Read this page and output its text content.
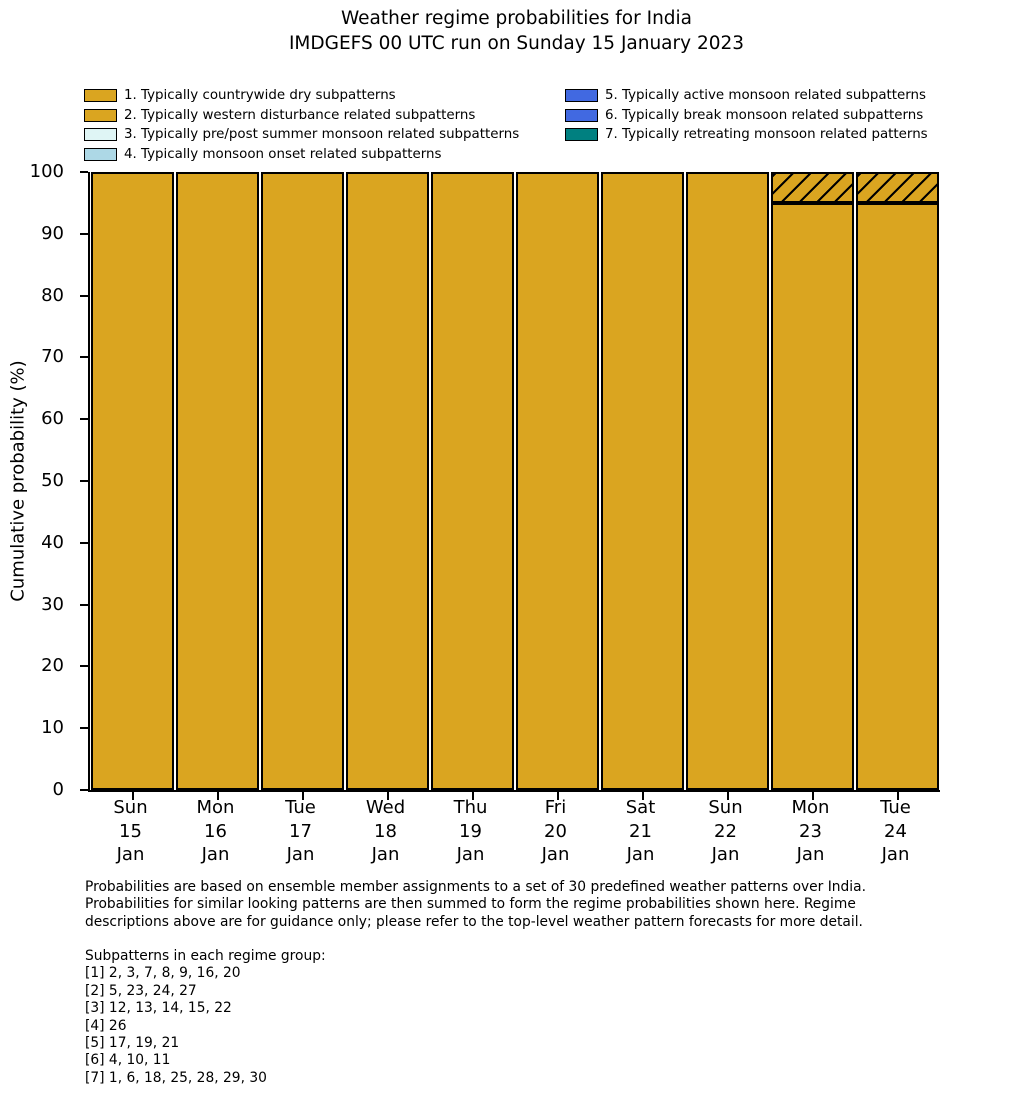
Weather regime probabilities for India
IMDGEFS 00 UTC run on Sunday 15 January 2023
1. Typically countrywide dry subpatterns
2. Typically western disturbance related subpatterns
3. Typically pre/post summer monsoon related subpatterns
4. Typically monsoon onset related subpatterns
5. Typically active monsoon related subpatterns
6. Typically break monsoon related subpatterns
7. Typically retreating monsoon related patterns
Cumulative probability (%)
0
10
20
30
40
50
60
70
80
90
100
Sun
15
Jan
Mon
16
Jan
Tue
17
Jan
Wed
18
Jan
Thu
19
Jan
Fri
20
Jan
Sat
21
Jan
Sun
22
Jan
Mon
23
Jan
Tue
24
Jan
Probabilities are based on ensemble member assignments to a set of 30 predefined weather patterns over India.
Probabilities for similar looking patterns are then summed to form the regime probabilities shown here. Regime
descriptions above are for guidance only; please refer to the top-level weather pattern forecasts for more detail.
Subpatterns in each regime group:
[1] 2, 3, 7, 8, 9, 16, 20
[2] 5, 23, 24, 27
[3] 12, 13, 14, 15, 22
[4] 26
[5] 17, 19, 21
[6] 4, 10, 11
[7] 1, 6, 18, 25, 28, 29, 30
